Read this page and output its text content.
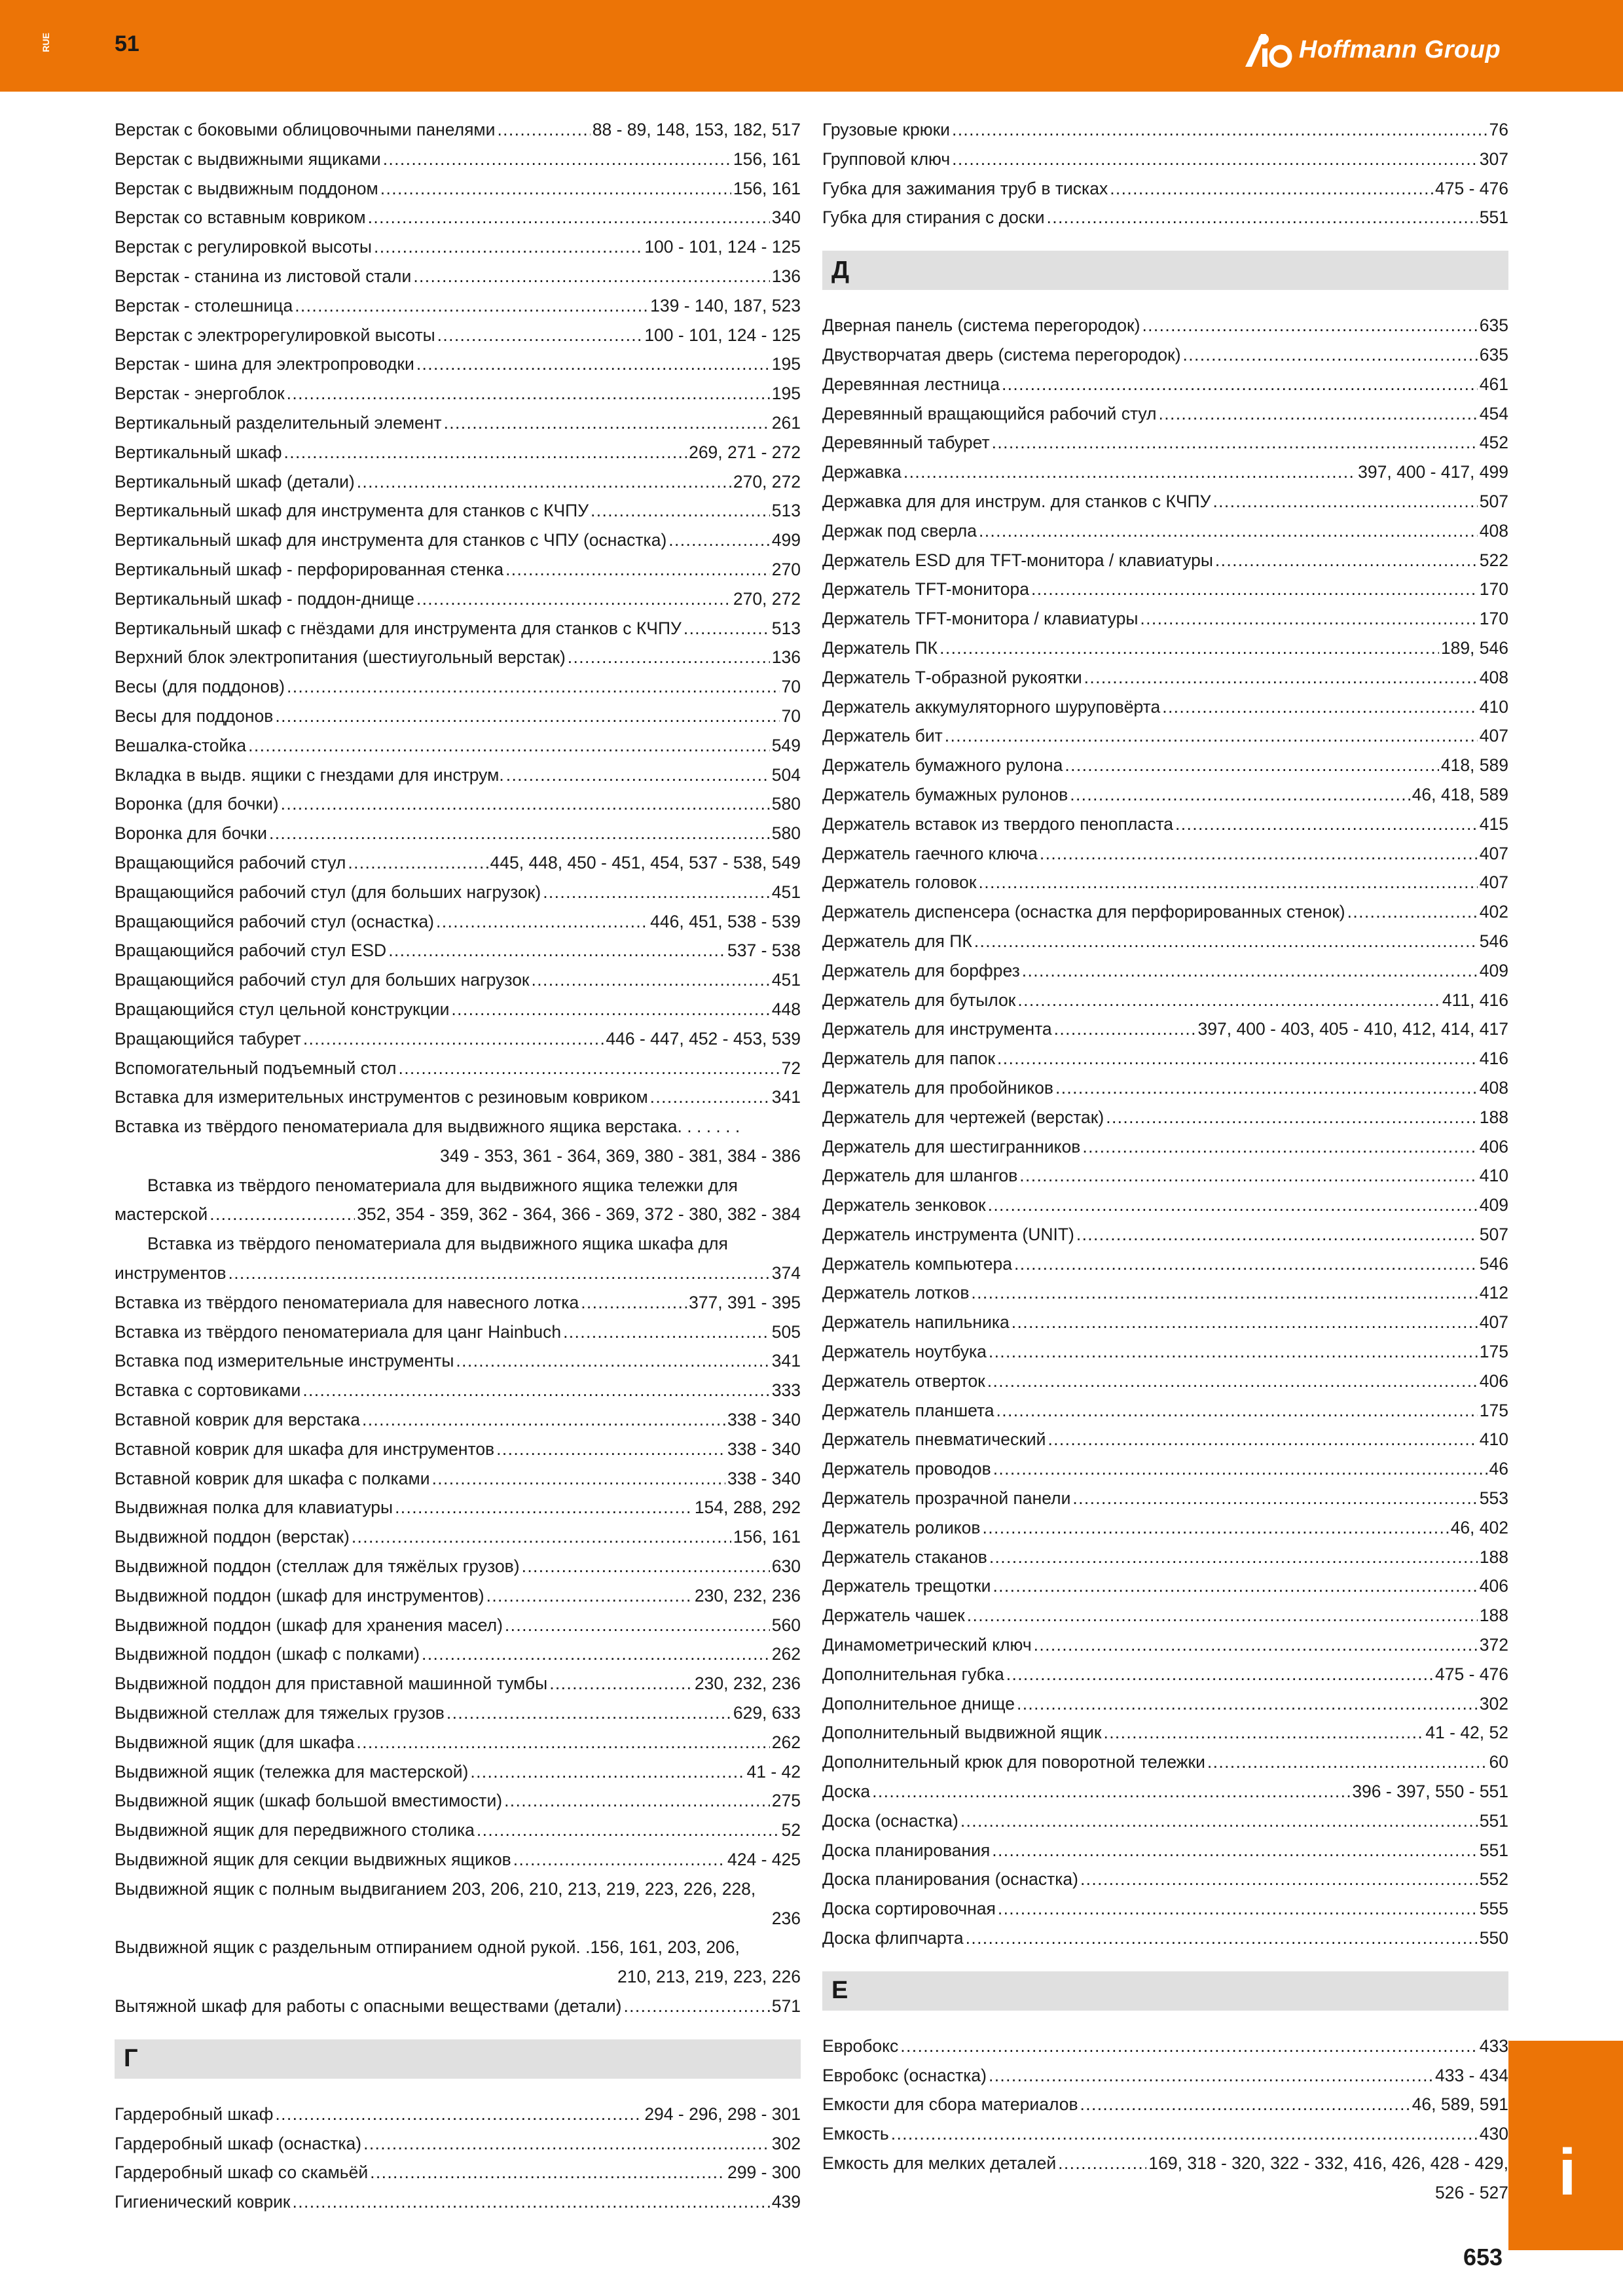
RUE	51	Hoffmann Group
Верстак с боковыми облицовочными панелями . . .	88 - 89, 148, 153, 182, 517
Верстак с выдвижными ящиками . . .	156, 161
Верстак с выдвижным поддоном . . .	156, 161
Верстак со вставным ковриком . . .	340
Верстак с регулировкой высоты . . .	100 - 101, 124 - 125
Верстак - станина из листовой стали . . .	136
Верстак - столешница . . .	139 - 140, 187, 523
Верстак с электрорегулировкой высоты . . .	100 - 101, 124 - 125
Верстак - шина для электропроводки . . .	195
Верстак - энергоблок . . .	195
Вертикальный разделительный элемент . . .	261
Вертикальный шкаф . . .	269, 271 - 272
Вертикальный шкаф (детали) . . .	270, 272
Вертикальный шкаф для инструмента для станков с КЧПУ . . .	513
Вертикальный шкаф для инструмента для станков с ЧПУ (оснастка) . . .	499
Вертикальный шкаф - перфорированная стенка . . .	270
Вертикальный шкаф - поддон-днище . . .	270, 272
Вертикальный шкаф с гнёздами для инструмента для станков с КЧПУ . . .	513
Верхний блок электропитания (шестиугольный верстак) . . .	136
Весы (для поддонов) . . .	70
Весы для поддонов . . .	70
Вешалка-стойка . . .	549
Вкладка в выдв. ящики с гнездами для инструм. . . .	504
Воронка (для бочки) . . .	580
Воронка для бочки . . .	580
Вращающийся рабочий стул . . .	445, 448, 450 - 451, 454, 537 - 538, 549
Вращающийся рабочий стул (для больших нагрузок) . . .	451
Вращающийся рабочий стул (оснастка) . . .	446, 451, 538 - 539
Вращающийся рабочий стул ESD . . .	537 - 538
Вращающийся рабочий стул для больших нагрузок . . .	451
Вращающийся стул цельной конструкции . . .	448
Вращающийся табурет . . .	446 - 447, 452 - 453, 539
Вспомогательный подъемный стол . . .	72
Вставка для измерительных инструментов с резиновым ковриком . . .	341
Вставка из твёрдого пеноматериала для выдвижного ящика верстака. . . . . . .
349 - 353, 361 - 364, 369, 380 - 381, 384 - 386
Вставка из твёрдого пеноматериала для выдвижного ящика тележки для
мастерской . . .	352, 354 - 359, 362 - 364, 366 - 369, 372 - 380, 382 - 384
Вставка из твёрдого пеноматериала для выдвижного ящика шкафа для
инструментов . . .	374
Вставка из твёрдого пеноматериала для навесного лотка . . .	377, 391 - 395
Вставка из твёрдого пеноматериала для цанг Hainbuch . . .	505
Вставка под измерительные инструменты . . .	341
Вставка с сортовиками . . .	333
Вставной коврик для верстака . . .	338 - 340
Вставной коврик для шкафа для инструментов . . .	338 - 340
Вставной коврик для шкафа с полками . . .	338 - 340
Выдвижная полка для клавиатуры . . .	154, 288, 292
Выдвижной поддон (верстак) . . .	156, 161
Выдвижной поддон (стеллаж для тяжёлых грузов) . . .	630
Выдвижной поддон (шкаф для инструментов) . . .	230, 232, 236
Выдвижной поддон (шкаф для хранения масел) . . .	560
Выдвижной поддон (шкаф с полками) . . .	262
Выдвижной поддон для приставной машинной тумбы . . .	230, 232, 236
Выдвижной стеллаж для тяжелых грузов . . .	629, 633
Выдвижной ящик (для шкафа . . .	262
Выдвижной ящик (тележка для мастерской) . . .	41 - 42
Выдвижной ящик (шкаф большой вместимости) . . .	275
Выдвижной ящик для передвижного столика . . .	52
Выдвижной ящик для секции выдвижных ящиков . . .	424 - 425
Выдвижной ящик с полным выдвиганием 203, 206, 210, 213, 219, 223, 226, 228,
236
Выдвижной ящик с раздельным отпиранием одной рукой. .156, 161, 203, 206,
210, 213, 219, 223, 226
Вытяжной шкаф для работы с опасными веществами (детали) . . .	571
Г
Гардеробный шкаф . . .	294 - 296, 298 - 301
Гардеробный шкаф (оснастка) . . .	302
Гардеробный шкаф со скамьёй . . .	299 - 300
Гигиенический коврик . . .	439
Грузовые крюки . . .	76
Групповой ключ . . .	307
Губка для зажимания труб в тисках . . .	475 - 476
Губка для стирания с доски . . .	551
Д
Дверная панель (система перегородок) . . .	635
Двустворчатая дверь (система перегородок) . . .	635
Деревянная лестница . . .	461
Деревянный вращающийся рабочий стул . . .	454
Деревянный табурет . . .	452
Державка . . .	397, 400 - 417, 499
Державка для для инструм. для станков с КЧПУ . . .	507
Держак под сверла . . .	408
Держатель ESD для TFT-монитора / клавиатуры . . .	522
Держатель TFT-монитора . . .	170
Держатель TFT-монитора / клавиатуры . . .	170
Держатель ПК . . .	189, 546
Держатель Т-образной рукоятки . . .	408
Держатель аккумуляторного шуруповёрта . . .	410
Держатель бит . . .	407
Держатель бумажного рулона . . .	418, 589
Держатель бумажных рулонов . . .	46, 418, 589
Держатель вставок из твердого пенопласта . . .	415
Держатель гаечного ключа . . .	407
Держатель головок . . .	407
Держатель диспенсера (оснастка для перфорированных стенок) . . .	402
Держатель для ПК . . .	546
Держатель для борфрез . . .	409
Держатель для бутылок . . .	411, 416
Держатель для инструмента . . .	397, 400 - 403, 405 - 410, 412, 414, 417
Держатель для папок . . .	416
Держатель для пробойников . . .	408
Держатель для чертежей (верстак) . . .	188
Держатель для шестигранников . . .	406
Держатель для шлангов . . .	410
Держатель зенковок . . .	409
Держатель инструмента (UNIT) . . .	507
Держатель компьютера . . .	546
Держатель лотков . . .	412
Держатель напильника . . .	407
Держатель ноутбука . . .	175
Держатель отверток . . .	406
Держатель планшета . . .	175
Держатель пневматический . . .	410
Держатель проводов . . .	46
Держатель прозрачной панели . . .	553
Держатель роликов . . .	46, 402
Держатель стаканов . . .	188
Держатель трещотки . . .	406
Держатель чашек . . .	188
Динамометрический ключ . . .	372
Дополнительная губка . . .	475 - 476
Дополнительное днище . . .	302
Дополнительный выдвижной ящик . . .	41 - 42, 52
Дополнительный крюк для поворотной тележки . . .	60
Доска . . .	396 - 397, 550 - 551
Доска (оснастка) . . .	551
Доска планирования . . .	551
Доска планирования (оснастка) . . .	552
Доска сортировочная . . .	555
Доска флипчарта . . .	550
Е
Евробокс . . .	433
Евробокс (оснастка) . . .	433 - 434
Емкости для сбора материалов . . .	46, 589, 591
Емкость . . .	430
Емкость для мелких деталей . . .	169, 318 - 320, 322 - 332, 416, 426, 428 - 429,
526 - 527 i
653
